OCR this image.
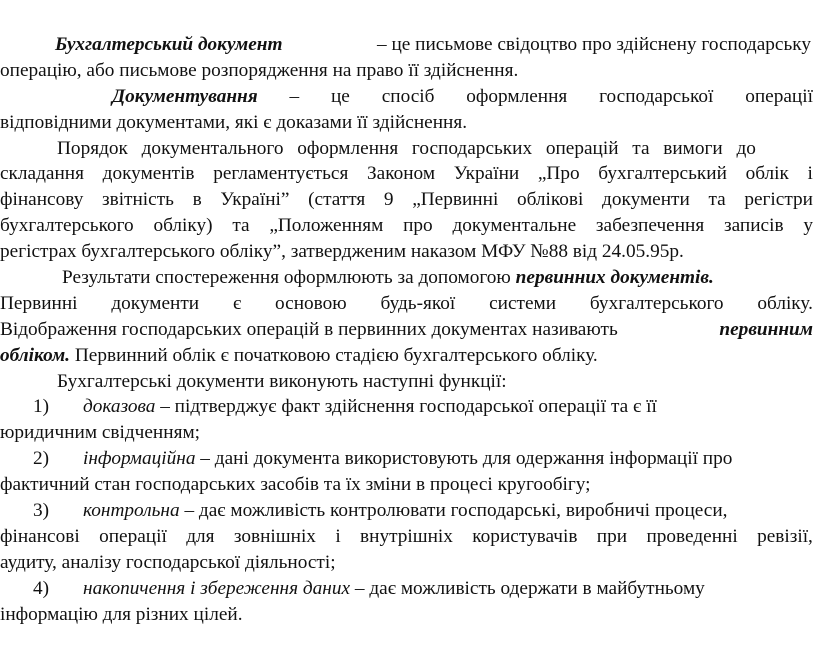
Бухгалтерський документ	– це письмове свідоцтво про здійснену господарську
операцію, або письмове розпорядження на право її здійснення.
Документування – це спосіб оформлення господарської операції
відповідними документами, які є доказами її здійснення.
Порядок документального оформлення господарських операцій та вимоги до
складання документів регламентується Законом України „Про бухгалтерський облік і
фінансову звітність в Україні” (стаття 9 „Первинні облікові документи та регістри
бухгалтерського обліку) та „Положенням про документальне забезпечення записів у
регістрах бухгалтерського обліку”, затвердженим наказом МФУ №88 від 24.05.95р.
Результати спостереження оформлюють за допомогою первинних документів.
Первинні документи є основою будь-якої системи бухгалтерського обліку.
Відображення господарських операцій в первинних документах називають	первинним
обліком. Первинний облік є початковою стадією бухгалтерського обліку.
Бухгалтерські документи виконують наступні функції:
1) доказова – підтверджує факт здійснення господарської операції та є її
юридичним свідченням;
2) інформаційна – дані документа використовують для одержання інформації про
фактичний стан господарських засобів та їх зміни в процесі кругообігу;
3) контрольна – дає можливість контролювати господарські, виробничі процеси,
фінансові операції для зовнішніх і внутрішніх користувачів при проведенні ревізії,
аудиту, аналізу господарської діяльності;
4) накопичення і збереження даних – дає можливість одержати в майбутньому
інформацію для різних цілей.
